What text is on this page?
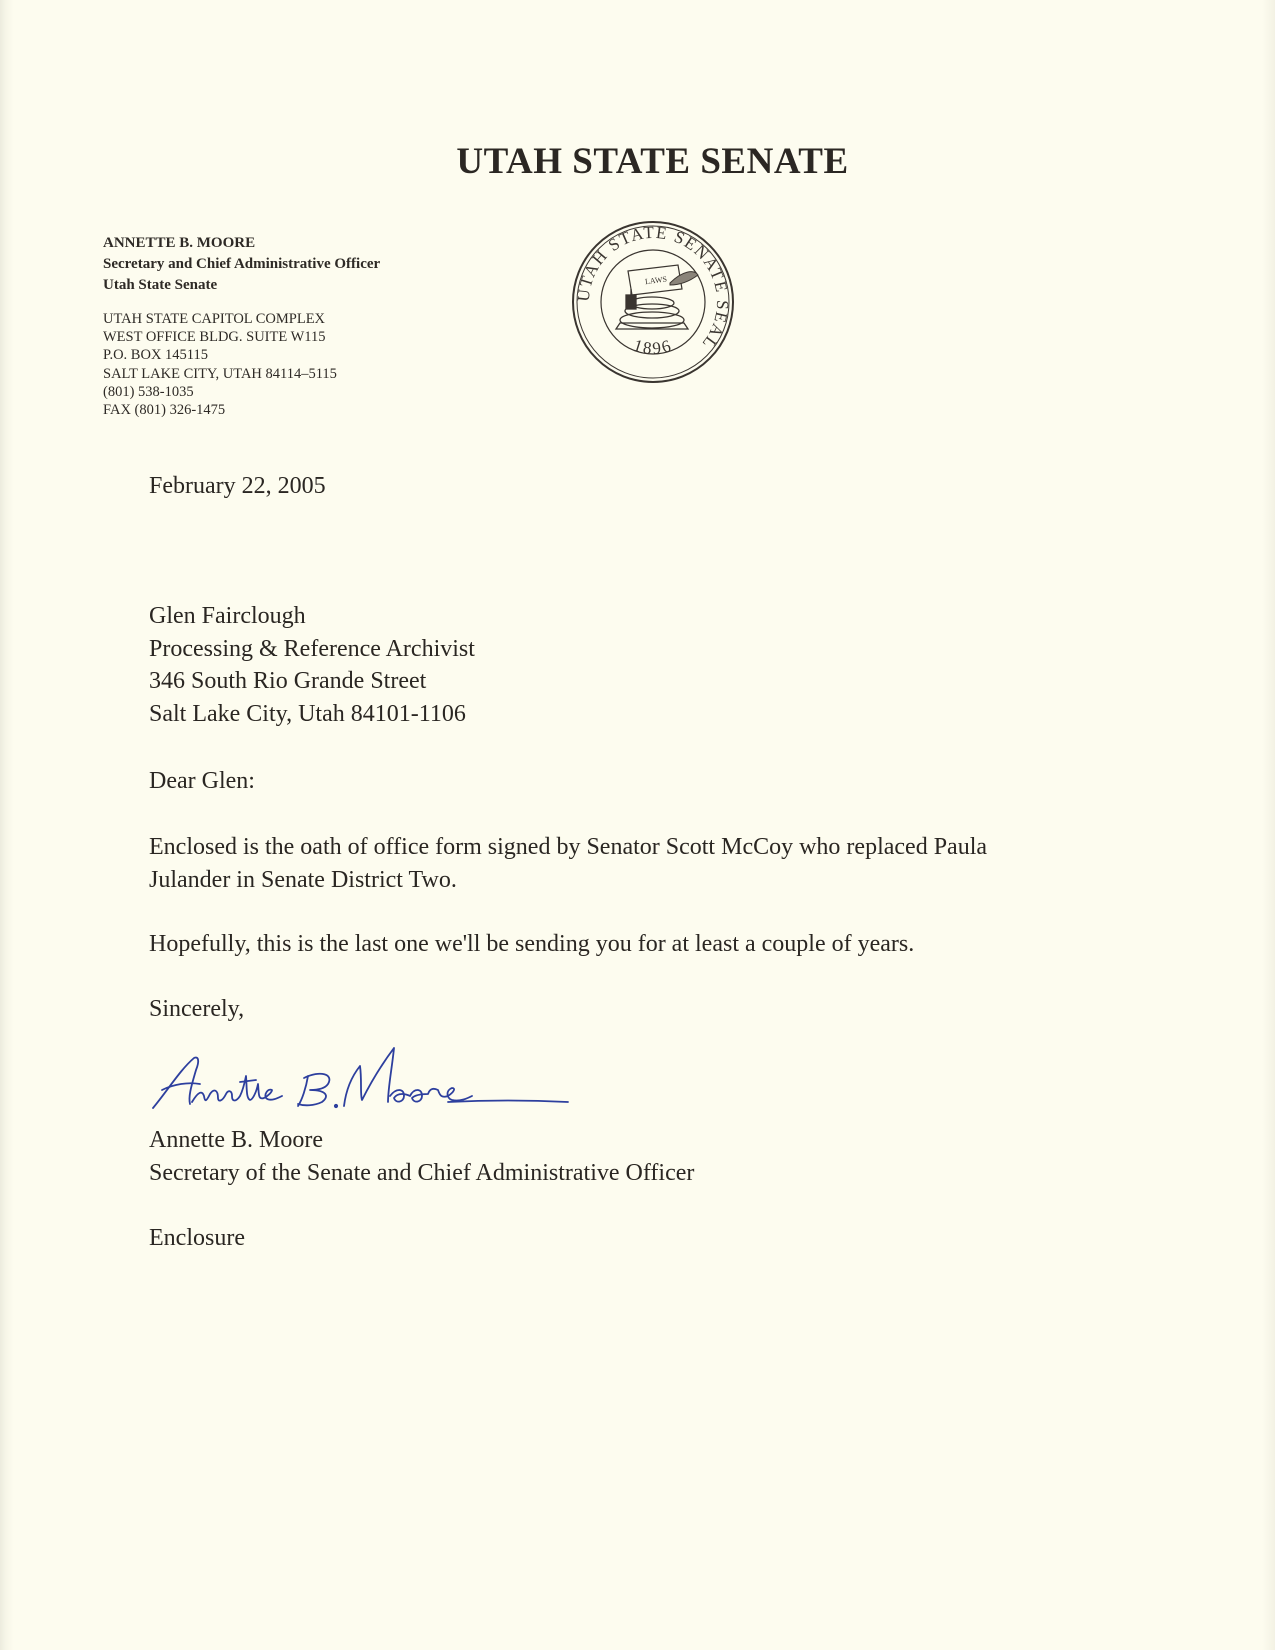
UTAH STATE SENATE
ANNETTE B. MOORE
Secretary and Chief Administrative Officer
Utah State Senate
UTAH STATE CAPITOL COMPLEX
WEST OFFICE BLDG. SUITE W115
P.O. BOX 145115
SALT LAKE CITY, UTAH 84114–5115
(801) 538-1035
FAX (801) 326-1475
UTAH STATE SENATE SEAL
LAWS
1896
February 22, 2005
Glen Fairclough
Processing & Reference Archivist
346 South Rio Grande Street
Salt Lake City, Utah 84101-1106
Dear Glen:
Enclosed is the oath of office form signed by Senator Scott McCoy who replaced Paula
Julander in Senate District Two.
Hopefully, this is the last one we'll be sending you for at least a couple of years.
Sincerely,
Annette B. Moore
Secretary of the Senate and Chief Administrative Officer
Enclosure
